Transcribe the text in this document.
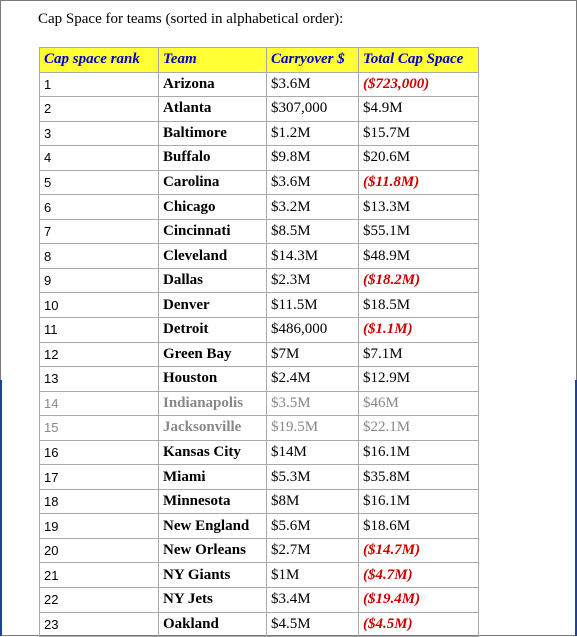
Cap Space for teams (sorted in alphabetical order):
Cap space rank	Team	Carryover $	Total Cap Space
1	Arizona	$3.6M	($723,000)
2	Atlanta	$307,000	$4.9M
3	Baltimore	$1.2M	$15.7M
4	Buffalo	$9.8M	$20.6M
5	Carolina	$3.6M	($11.8M)
6	Chicago	$3.2M	$13.3M
7	Cincinnati	$8.5M	$55.1M
8	Cleveland	$14.3M	$48.9M
9	Dallas	$2.3M	($18.2M)
10	Denver	$11.5M	$18.5M
11	Detroit	$486,000	($1.1M)
12	Green Bay	$7M	$7.1M
13	Houston	$2.4M	$12.9M
14	Indianapolis	$3.5M	$46M
15	Jacksonville	$19.5M	$22.1M
16	Kansas City	$14M	$16.1M
17	Miami	$5.3M	$35.8M
18	Minnesota	$8M	$16.1M
19	New England	$5.6M	$18.6M
20	New Orleans	$2.7M	($14.7M)
21	NY Giants	$1M	($4.7M)
22	NY Jets	$3.4M	($19.4M)
23	Oakland	$4.5M	($4.5M)
